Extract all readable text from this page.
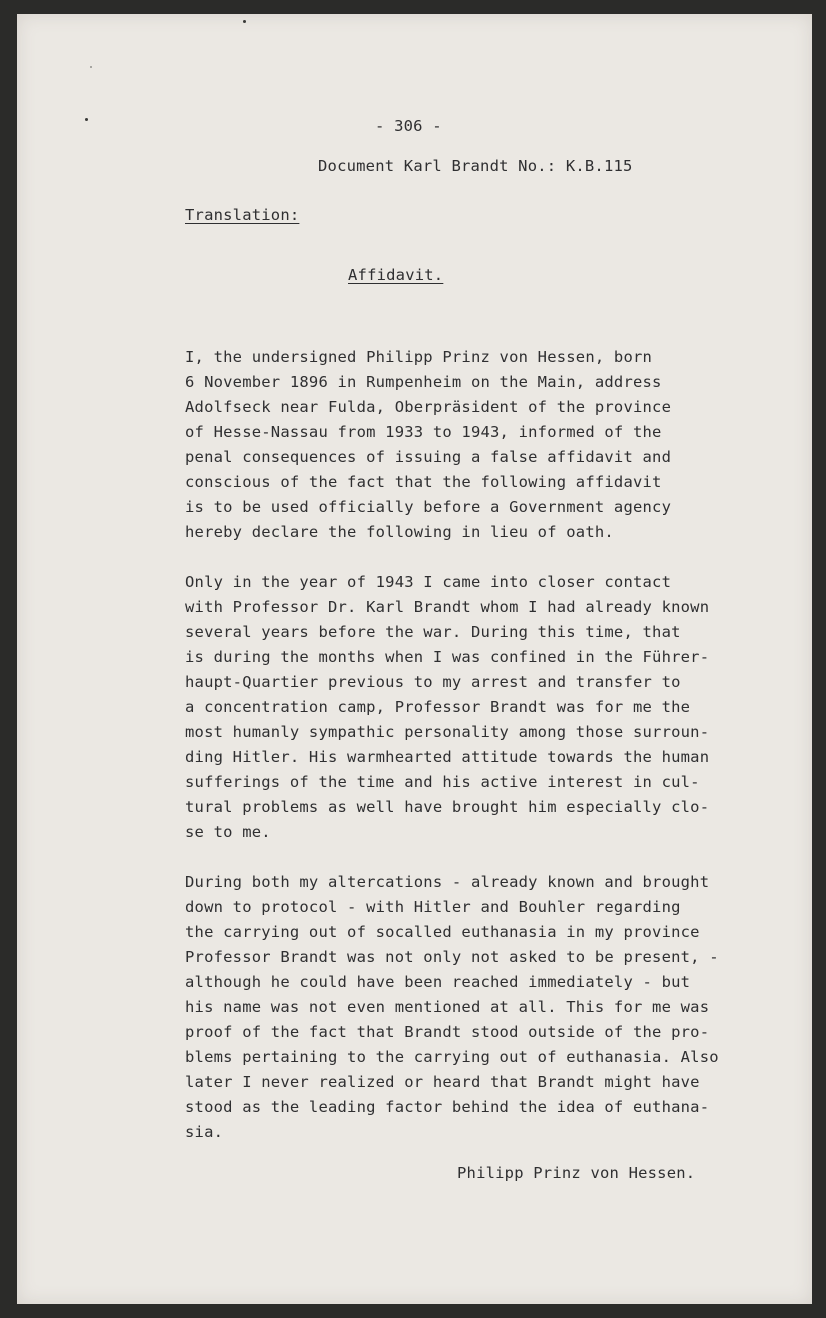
- 306 -
Document Karl Brandt No.: K.B.115
Translation:
Affidavit.
I, the undersigned Philipp Prinz von Hessen, born
6 November 1896 in Rumpenheim on the Main, address
Adolfseck near Fulda, Oberpräsident of the province
of Hesse-Nassau from 1933 to 1943, informed of the
penal consequences of issuing a false affidavit and
conscious of the fact that the following affidavit
is to be used officially before a Government agency
hereby declare the following in lieu of oath.
Only in the year of 1943 I came into closer contact
with Professor Dr. Karl Brandt whom I had already known
several years before the war. During this time, that
is during the months when I was confined in the Führer-
haupt-Quartier previous to my arrest and transfer to
a concentration camp, Professor Brandt was for me the
most humanly sympathic personality among those surroun-
ding Hitler. His warmhearted attitude towards the human
sufferings of the time and his active interest in cul-
tural problems as well have brought him especially clo-
se to me.
During both my altercations - already known and brought
down to protocol - with Hitler and Bouhler regarding
the carrying out of socalled euthanasia in my province
Professor Brandt was not only not asked to be present, -
although he could have been reached immediately - but
his name was not even mentioned at all. This for me was
proof of the fact that Brandt stood outside of the pro-
blems pertaining to the carrying out of euthanasia. Also
later I never realized or heard that Brandt might have
stood as the leading factor behind the idea of euthana-
sia.
Philipp Prinz von Hessen.
